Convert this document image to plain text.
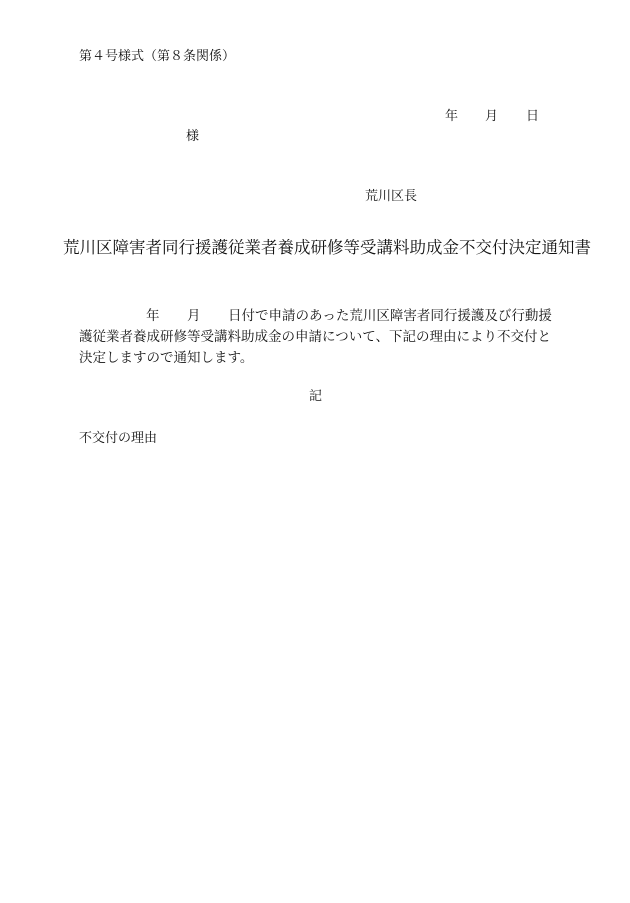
第４号様式（第８条関係）
年 月 日
様
荒川区長
荒川区障害者同行援護従業者養成研修等受講料助成金不交付決定通知書
年 月 日付で申請のあった荒川区障害者同行援護及び行動援
護従業者養成研修等受講料助成金の申請について、下記の理由により不交付と
決定しますので通知します。
記
不交付の理由
